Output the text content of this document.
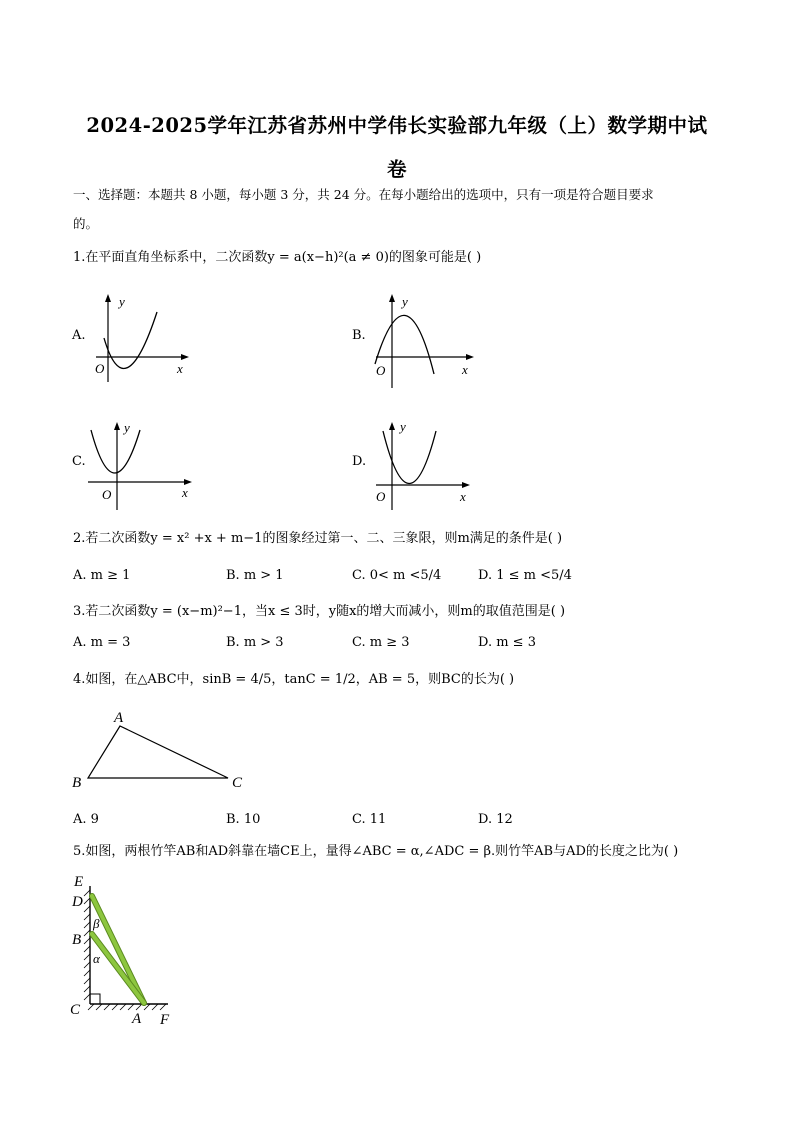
2024-2025学年江苏省苏州中学伟长实验部九年级（上）数学期中试
卷
一、选择题：本题共 8 小题，每小题 3 分，共 24 分。在每小题给出的选项中，只有一项是符合题目要求
的。
1.在平面直角坐标系中，二次函数y = a(x−h)²(a ≠ 0)的图象可能是( )
A.	B.
C.	D.
y
x
O
y
x
O
y
x
O
y
x
O
2.若二次函数y = x² +x + m−1的图象经过第一、二、三象限，则m满足的条件是( )
A. m ≥ 1	B. m > 1	C. 0< m <5/4	D. 1 ≤ m <5/4
3.若二次函数y = (x−m)²−1，当x ≤ 3时，y随x的增大而减小，则m的取值范围是( )
A. m = 3	B. m > 3	C. m ≥ 3	D. m ≤ 3
4.如图，在△ABC中，sinB = 4/5，tanC = 1/2，AB = 5，则BC的长为( )
A
B	C
A. 9	B. 10	C. 11	D. 12
5.如图，两根竹竿AB和AD斜靠在墙CE上，量得∠ABC = α,∠ADC = β.则竹竿AB与AD的长度之比为( )
E
D
B
C
A F
β
α
